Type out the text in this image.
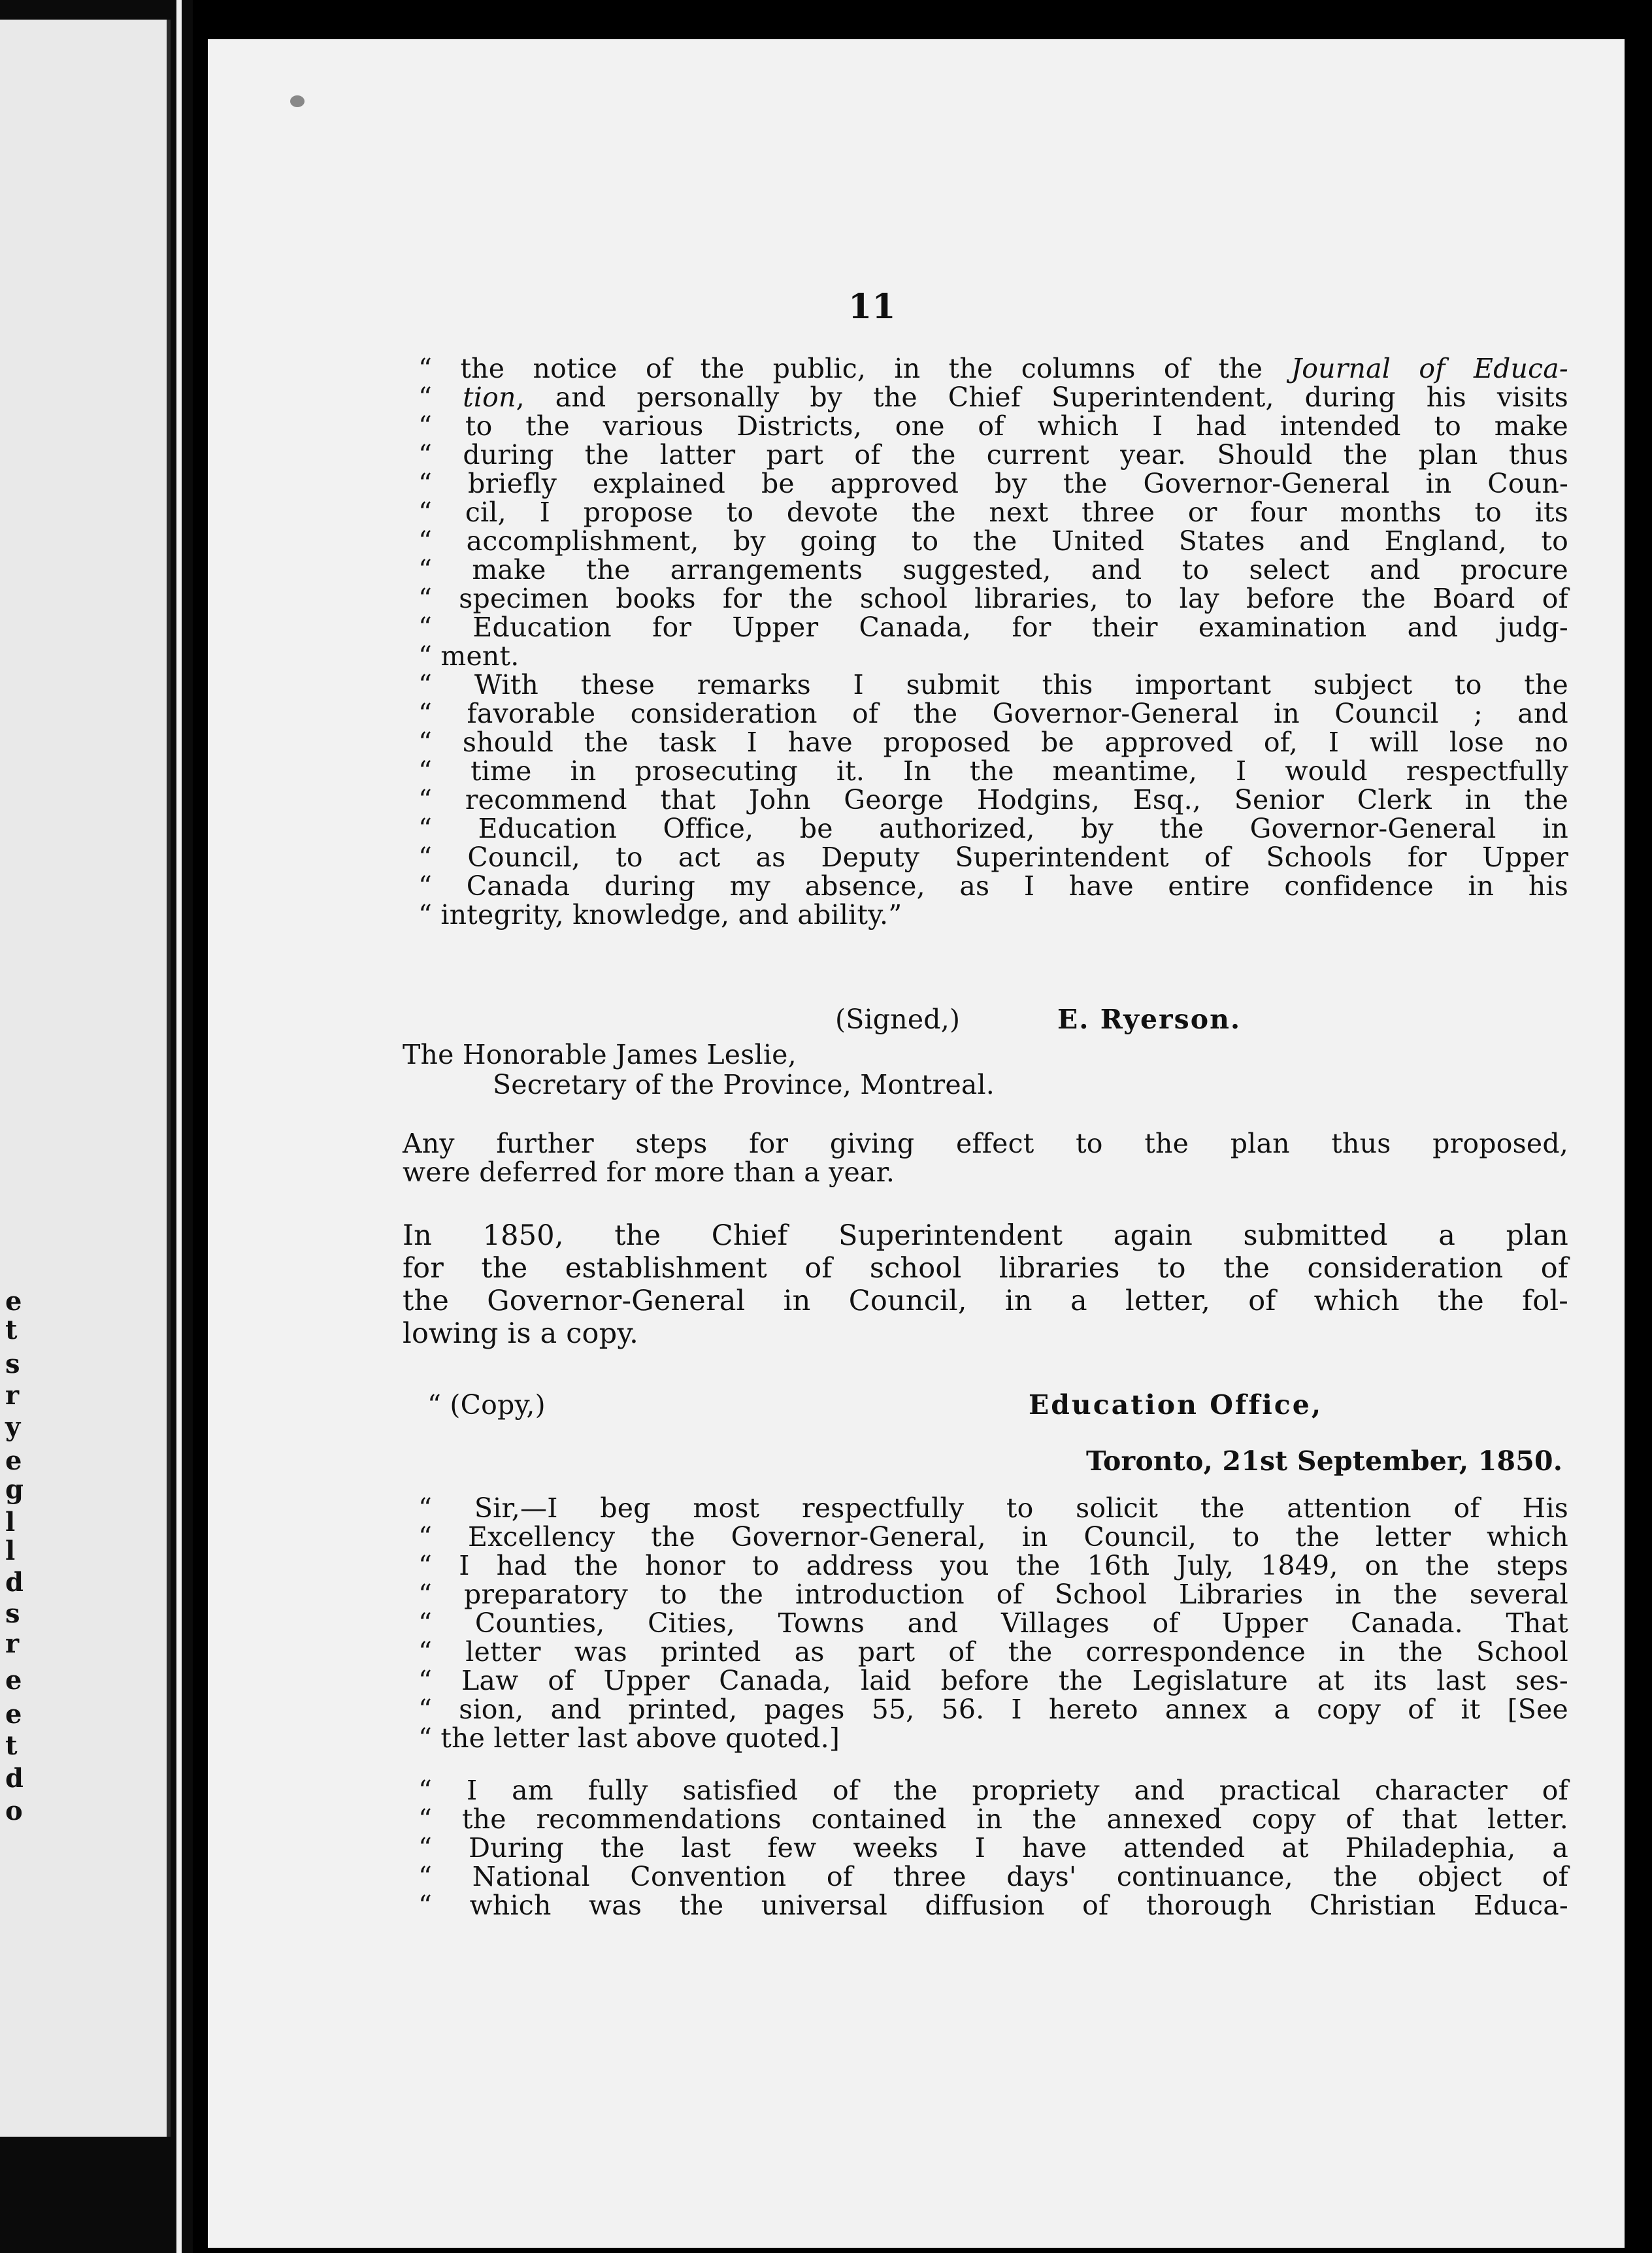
e
t
s
r
y
e
g
l
l
d
s
r
e
e
t
d
o
11
“ the notice of the public, in the columns of the Journal of Educa-
“ tion, and personally by the Chief Superintendent, during his visits
“ to the various Districts, one of which I had intended to make
“ during the latter part of the current year. Should the plan thus
“ briefly explained be approved by the Governor-General in Coun-
“ cil, I propose to devote the next three or four months to its
“ accomplishment, by going to the United States and England, to
“ make the arrangements suggested, and to select and procure
“ specimen books for the school libraries, to lay before the Board of
“ Education for Upper Canada, for their examination and judg-
“ ment.
“ With these remarks I submit this important subject to the
“ favorable consideration of the Governor-General in Council ; and
“ should the task I have proposed be approved of, I will lose no
“ time in prosecuting it. In the meantime, I would respectfully
“ recommend that John George Hodgins, Esq., Senior Clerk in the
“ Education Office, be authorized, by the Governor-General in
“ Council, to act as Deputy Superintendent of Schools for Upper
“ Canada during my absence, as I have entire confidence in his
“ integrity, knowledge, and ability.”
(Signed,)	E. Ryerson.
The Honorable James Leslie,
Secretary of the Province, Montreal.
Any further steps for giving effect to the plan thus proposed,
were deferred for more than a year.
In 1850, the Chief Superintendent again submitted a plan
for the establishment of school libraries to the consideration of
the Governor-General in Council, in a letter, of which the fol-
lowing is a copy.
“ (Copy,)	Education Office,
Toronto, 21st September, 1850.
“ Sir,—I beg most respectfully to solicit the attention of His
“ Excellency the Governor-General, in Council, to the letter which
“ I had the honor to address you the 16th July, 1849, on the steps
“ preparatory to the introduction of School Libraries in the several
“ Counties, Cities, Towns and Villages of Upper Canada. That
“ letter was printed as part of the correspondence in the School
“ Law of Upper Canada, laid before the Legislature at its last ses-
“ sion, and printed, pages 55, 56. I hereto annex a copy of it [See
“ the letter last above quoted.]
“ I am fully satisfied of the propriety and practical character of
“ the recommendations contained in the annexed copy of that letter.
“ During the last few weeks I have attended at Philadephia, a
“ National Convention of three days' continuance, the object of
“ which was the universal diffusion of thorough Christian Educa-
